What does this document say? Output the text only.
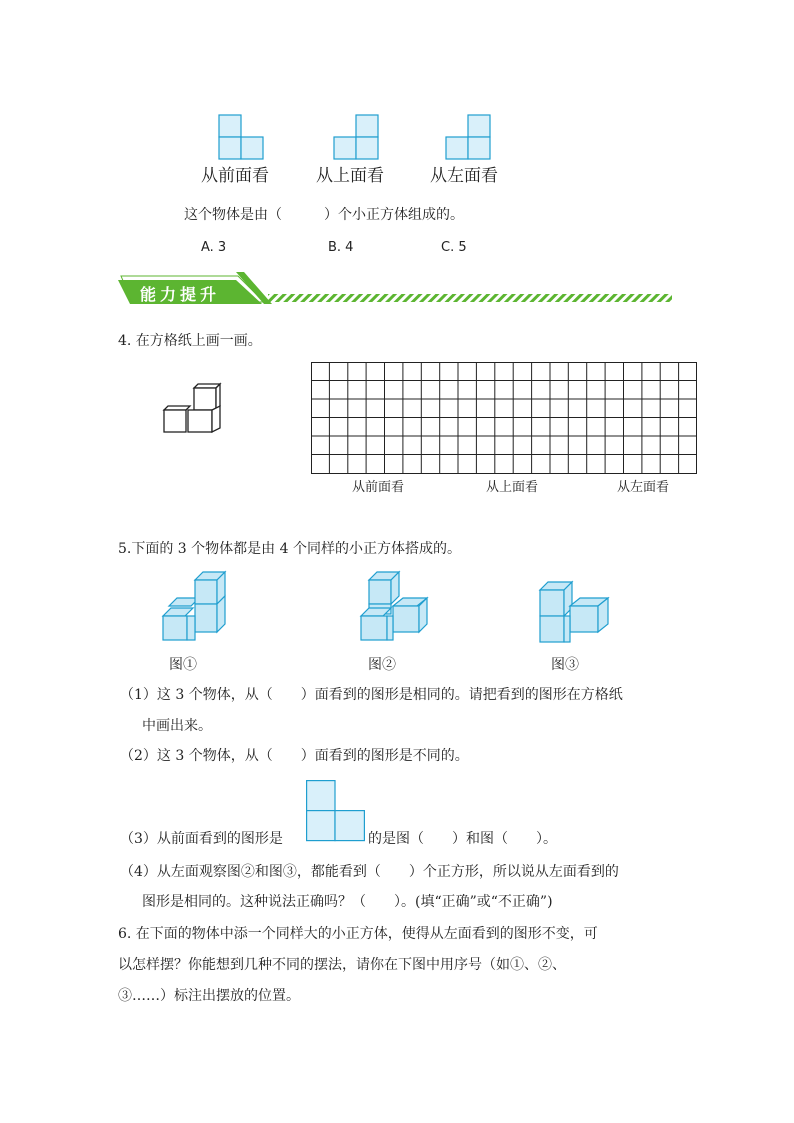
从前面看	从上面看	从左面看
这个物体是由（　　　）个小正方体组成的。
A. 3	B. 4	C. 5
能力提升
4. 在方格纸上画一画。
从前面看	从上面看	从左面看
5.下面的 3 个物体都是由 4 个同样的小正方体搭成的。
图①	图②	图③
（1）这 3 个物体，从（　　）面看到的图形是相同的。请把看到的图形在方格纸
中画出来。
（2）这 3 个物体，从（　　）面看到的图形是不同的。
（3）从前面看到的图形是	的是图（　　）和图（　　）。
（4）从左面观察图②和图③，都能看到（　　）个正方形，所以说从左面看到的
图形是相同的。这种说法正确吗？（　　）。(填“正确”或“不正确”)
6. 在下面的物体中添一个同样大的小正方体，使得从左面看到的图形不变，可
以怎样摆？你能想到几种不同的摆法，请你在下图中用序号（如①、②、
③……）标注出摆放的位置。
